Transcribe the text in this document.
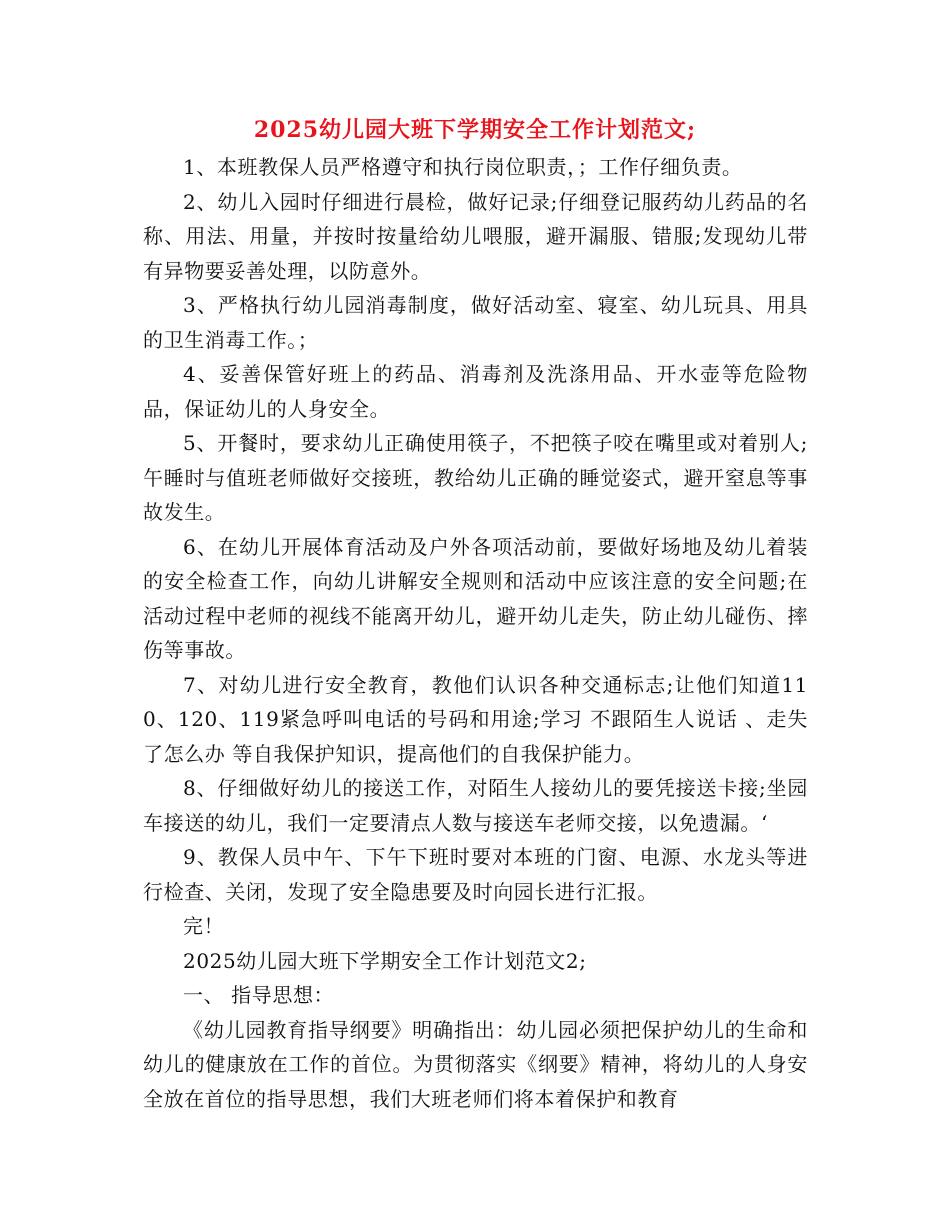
2025幼儿园大班下学期安全工作计划范文;

1、本班教保人员严格遵守和执行岗位职责，；工作仔细负责。

2、幼儿入园时仔细进行晨检，做好记录;仔细登记服药幼儿药品的名称、用法、用量，并按时按量给幼儿喂服，避开漏服、错服;发现幼儿带有异物要妥善处理，以防意外。

3、严格执行幼儿园消毒制度，做好活动室、寝室、幼儿玩具、用具的卫生消毒工作。；

4、妥善保管好班上的药品、消毒剂及洗涤用品、开水壶等危险物品，保证幼儿的人身安全。

5、开餐时，要求幼儿正确使用筷子，不把筷子咬在嘴里或对着别人;午睡时与值班老师做好交接班，教给幼儿正确的睡觉姿式，避开窒息等事故发生。

6、在幼儿开展体育活动及户外各项活动前，要做好场地及幼儿着装的安全检查工作，向幼儿讲解安全规则和活动中应该注意的安全问题;在活动过程中老师的视线不能离开幼儿，避开幼儿走失，防止幼儿碰伤、摔伤等事故。

7、对幼儿进行安全教育，教他们认识各种交通标志;让他们知道110、120、119紧急呼叫电话的号码和用途;学习 不跟陌生人说话 、走失了怎么办 等自我保护知识，提高他们的自我保护能力。

8、仔细做好幼儿的接送工作，对陌生人接幼儿的要凭接送卡接;坐园车接送的幼儿，我们一定要清点人数与接送车老师交接，以免遗漏。‘

9、教保人员中午、下午下班时要对本班的门窗、电源、水龙头等进行检查、关闭，发现了安全隐患要及时向园长进行汇报。

完！

2025幼儿园大班下学期安全工作计划范文2;

一、 指导思想：

《幼儿园教育指导纲要》明确指出：幼儿园必须把保护幼儿的生命和幼儿的健康放在工作的首位。为贯彻落实《纲要》精神，将幼儿的人身安全放在首位的指导思想，我们大班老师们将本着保护和教育
